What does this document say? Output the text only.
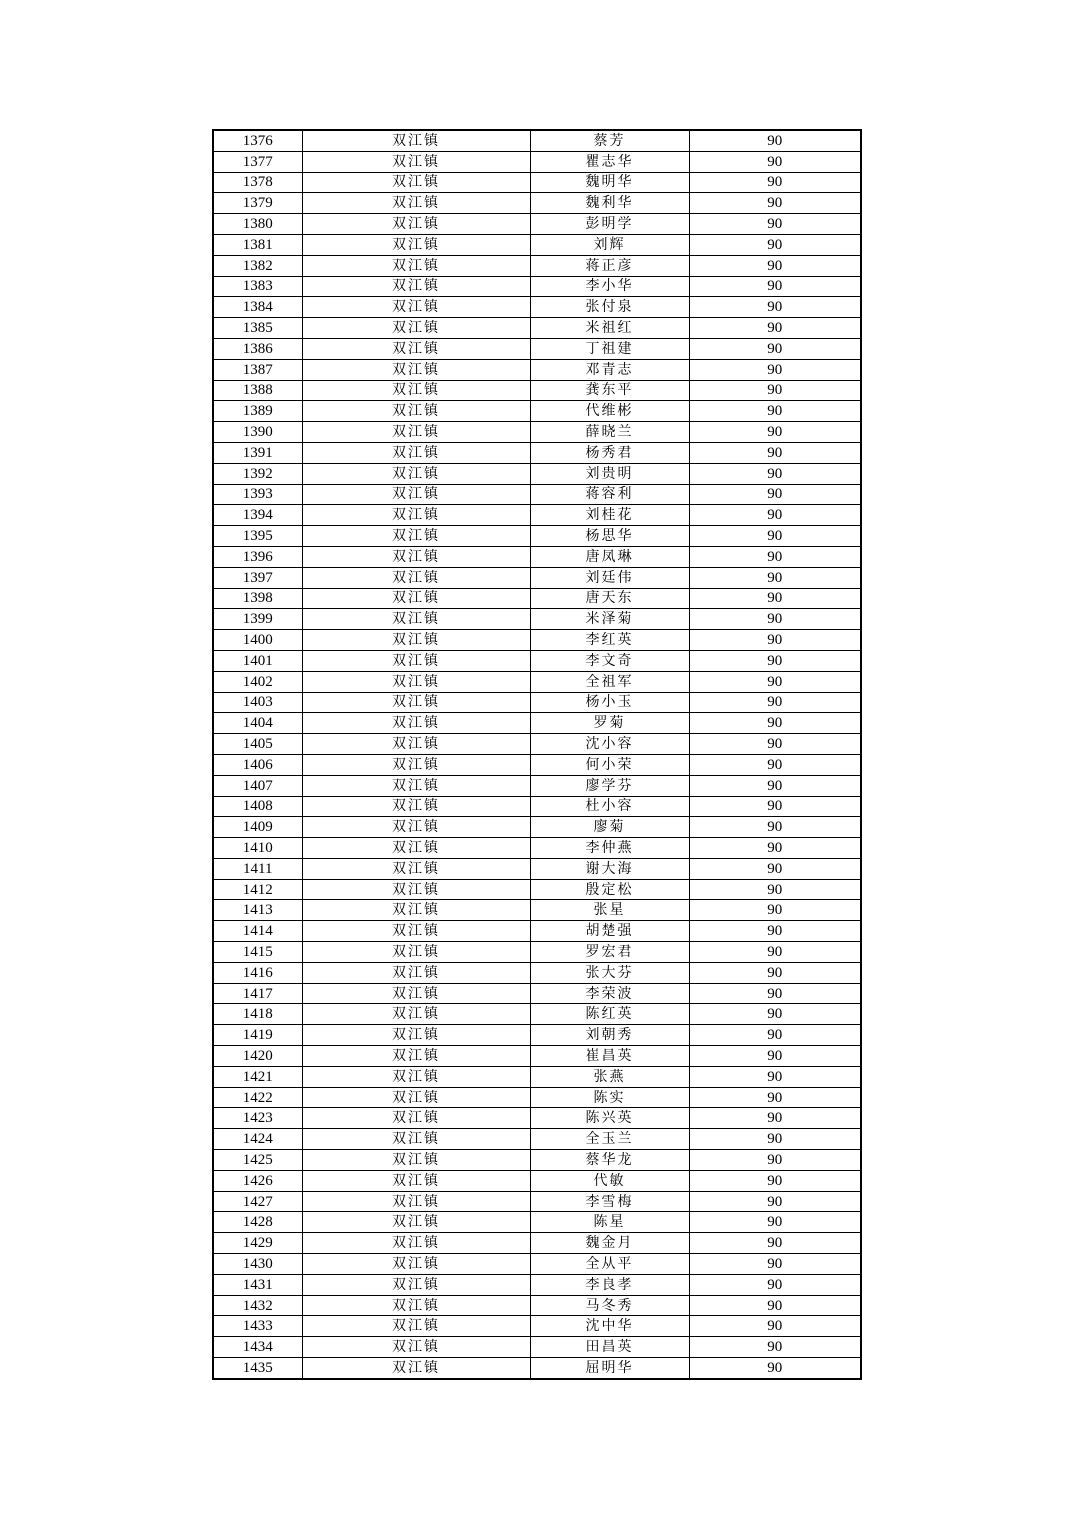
1376	双江镇	蔡芳	90
1377	双江镇	瞿志华	90
1378	双江镇	魏明华	90
1379	双江镇	魏利华	90
1380	双江镇	彭明学	90
1381	双江镇	刘辉	90
1382	双江镇	蒋正彦	90
1383	双江镇	李小华	90
1384	双江镇	张付泉	90
1385	双江镇	米祖红	90
1386	双江镇	丁祖建	90
1387	双江镇	邓青志	90
1388	双江镇	龚东平	90
1389	双江镇	代维彬	90
1390	双江镇	薛晓兰	90
1391	双江镇	杨秀君	90
1392	双江镇	刘贵明	90
1393	双江镇	蒋容利	90
1394	双江镇	刘桂花	90
1395	双江镇	杨思华	90
1396	双江镇	唐凤琳	90
1397	双江镇	刘廷伟	90
1398	双江镇	唐天东	90
1399	双江镇	米泽菊	90
1400	双江镇	李红英	90
1401	双江镇	李文奇	90
1402	双江镇	全祖军	90
1403	双江镇	杨小玉	90
1404	双江镇	罗菊	90
1405	双江镇	沈小容	90
1406	双江镇	何小荣	90
1407	双江镇	廖学芬	90
1408	双江镇	杜小容	90
1409	双江镇	廖菊	90
1410	双江镇	李仲燕	90
1411	双江镇	谢大海	90
1412	双江镇	殷定松	90
1413	双江镇	张星	90
1414	双江镇	胡楚强	90
1415	双江镇	罗宏君	90
1416	双江镇	张大芬	90
1417	双江镇	李荣波	90
1418	双江镇	陈红英	90
1419	双江镇	刘朝秀	90
1420	双江镇	崔昌英	90
1421	双江镇	张燕	90
1422	双江镇	陈实	90
1423	双江镇	陈兴英	90
1424	双江镇	全玉兰	90
1425	双江镇	蔡华龙	90
1426	双江镇	代敏	90
1427	双江镇	李雪梅	90
1428	双江镇	陈星	90
1429	双江镇	魏金月	90
1430	双江镇	全从平	90
1431	双江镇	李良孝	90
1432	双江镇	马冬秀	90
1433	双江镇	沈中华	90
1434	双江镇	田昌英	90
1435	双江镇	屈明华	90
